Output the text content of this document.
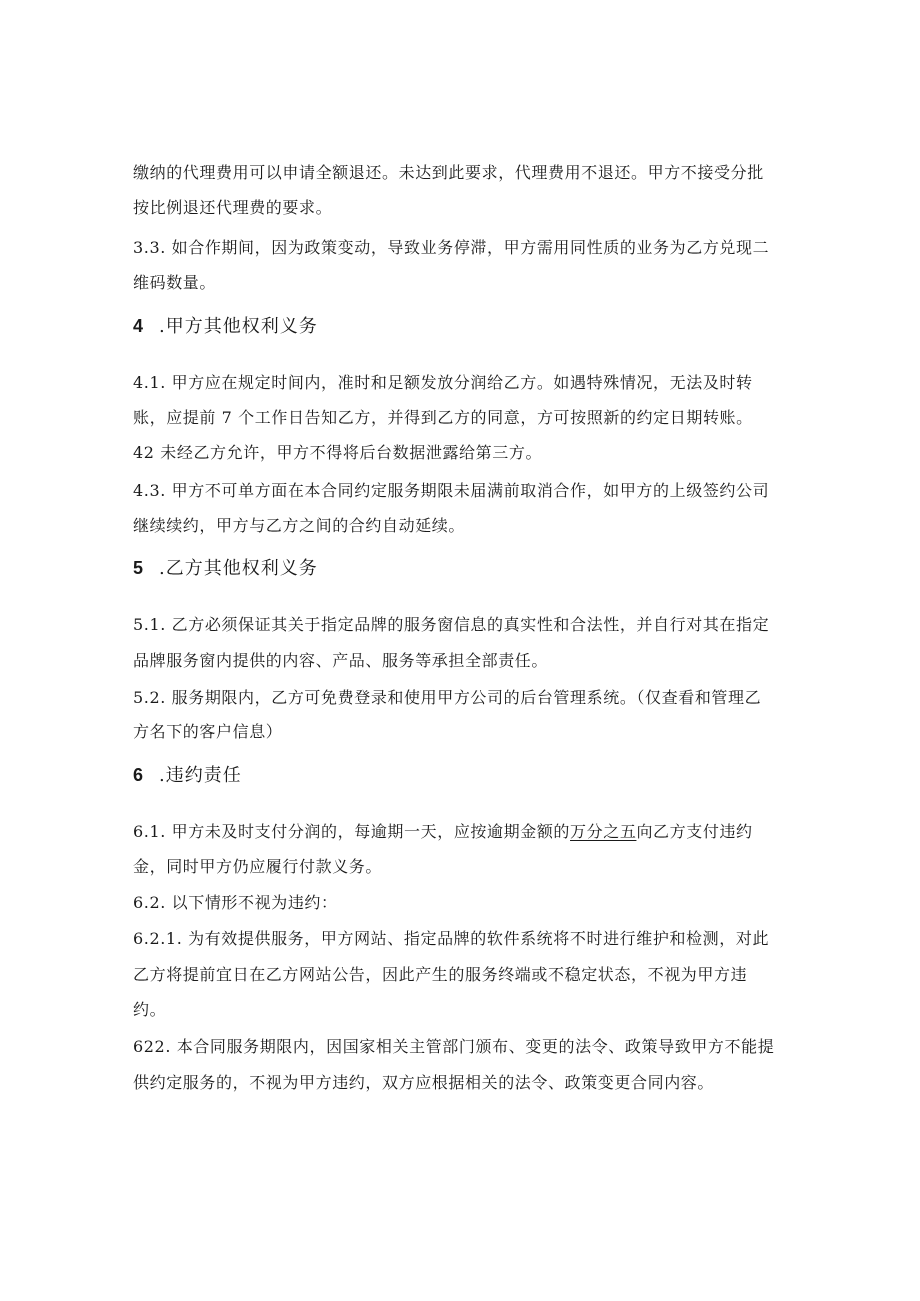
缴纳的代理费用可以申请全额退还。未达到此要求，代理费用不退还。甲方不接受分批
按比例退还代理费的要求。
3.3. 如合作期间，因为政策变动，导致业务停滞，甲方需用同性质的业务为乙方兑现二
维码数量。
4 .甲方其他权利义务
4.1. 甲方应在规定时间内，准时和足额发放分润给乙方。如遇特殊情况，无法及时转
账，应提前 7 个工作日告知乙方，并得到乙方的同意，方可按照新的约定日期转账。
42 未经乙方允许，甲方不得将后台数据泄露给第三方。
4.3. 甲方不可单方面在本合同约定服务期限未届满前取消合作，如甲方的上级签约公司
继续续约，甲方与乙方之间的合约自动延续。
5 .乙方其他权利义务
5.1. 乙方必须保证其关于指定品牌的服务窗信息的真实性和合法性，并自行对其在指定
品牌服务窗内提供的内容、产品、服务等承担全部责任。
5.2. 服务期限内，乙方可免费登录和使用甲方公司的后台管理系统。（仅查看和管理乙
方名下的客户信息）
6 .违约责任
6.1. 甲方未及时支付分润的，每逾期一天，应按逾期金额的万分之五向乙方支付违约
金，同时甲方仍应履行付款义务。
6.2. 以下情形不视为违约：
6.2.1. 为有效提供服务，甲方网站、指定品牌的软件系统将不时进行维护和检测，对此
乙方将提前宜日在乙方网站公告，因此产生的服务终端或不稳定状态，不视为甲方违
约。
622. 本合同服务期限内，因国家相关主管部门颁布、变更的法令、政策导致甲方不能提
供约定服务的，不视为甲方违约，双方应根据相关的法令、政策变更合同内容。
